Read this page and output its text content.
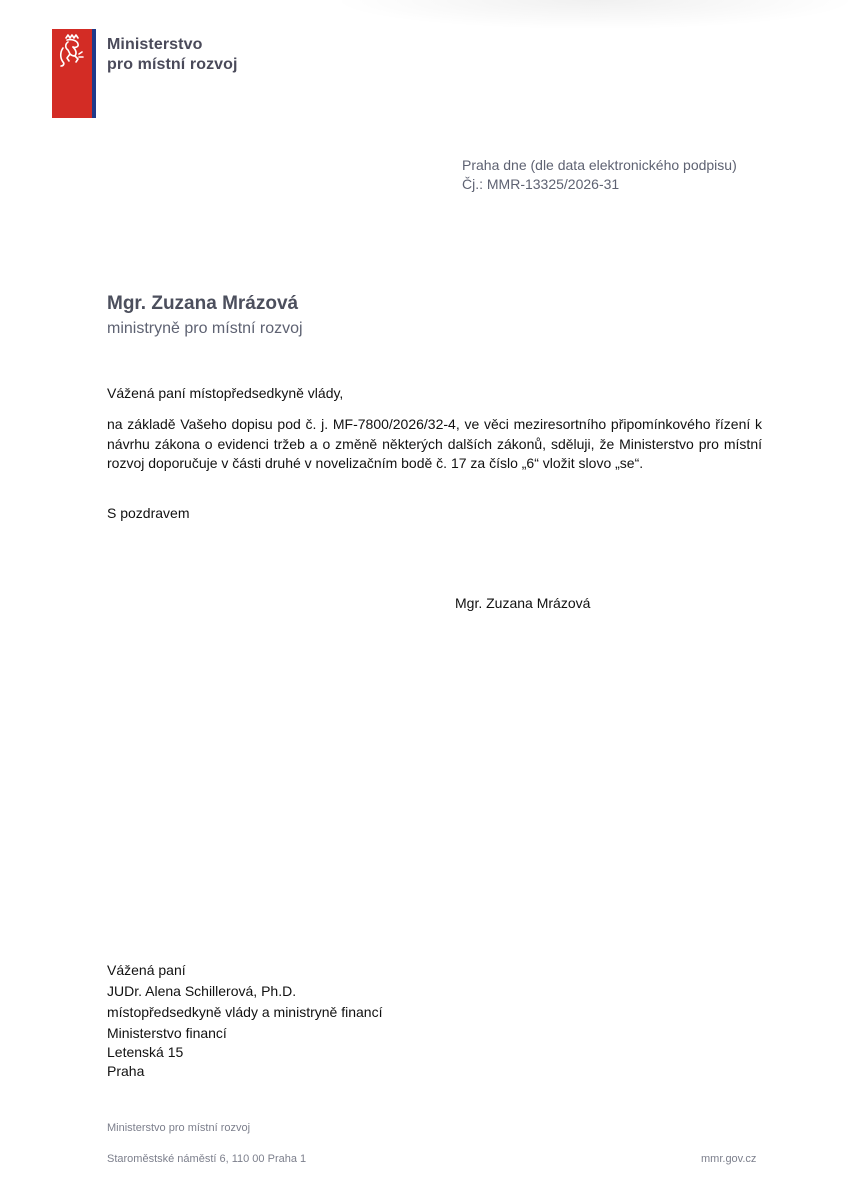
Ministerstvo
pro místní rozvoj
Praha dne (dle data elektronického podpisu)
Čj.: MMR-13325/2026-31
Mgr. Zuzana Mrázová
ministryně pro místní rozvoj
Vážená paní místopředsedkyně vlády,
na základě Vašeho dopisu pod č. j. MF-7800/2026/32-4, ve věci meziresortního připomínkového řízení k návrhu zákona o evidenci tržeb a o změně některých dalších zákonů, sděluji, že Ministerstvo pro místní rozvoj doporučuje v části druhé v novelizačním bodě č. 17 za číslo „6“ vložit slovo „se“.
S pozdravem
Mgr. Zuzana Mrázová
Vážená paní
JUDr. Alena Schillerová, Ph.D.
místopředsedkyně vlády a ministryně financí
Ministerstvo financí
Letenská 15
Praha
Ministerstvo pro místní rozvoj
Staroměstské náměstí 6, 110 00 Praha 1	mmr.gov.cz
